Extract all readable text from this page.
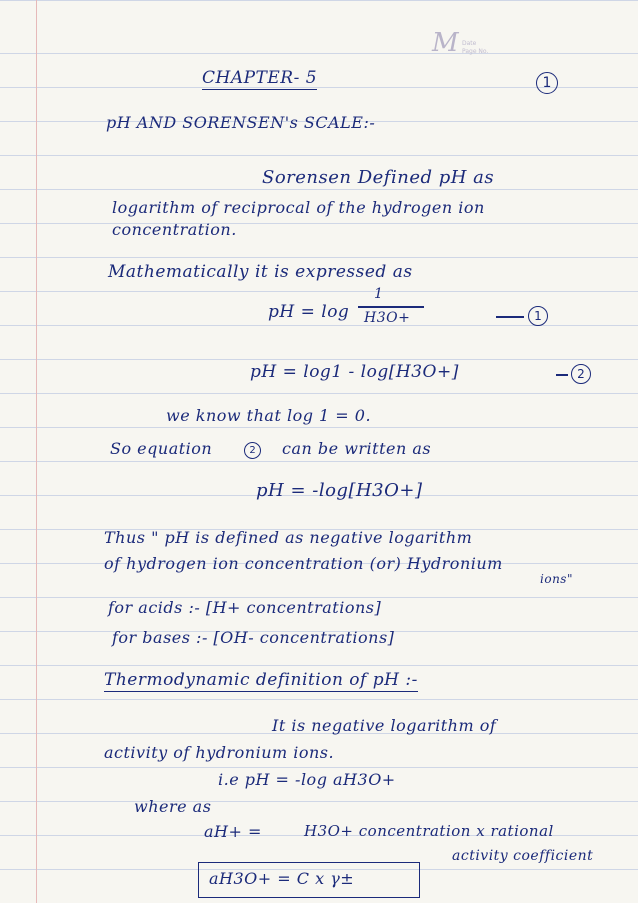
M Date
Page No.
1
CHAPTER- 5
pH AND SORENSEN's SCALE:-
Sorensen Defined pH as
logarithm of reciprocal of the hydrogen ion
concentration.
Mathematically it is expressed as
pH = log
1
H3O+	1
pH = log1 - log[H3O+]	2
we know that log 1 = 0.
So equation	2 can be written as
pH = -log[H3O+]
Thus " pH is defined as negative logarithm
of hydrogen ion concentration (or) Hydronium
ions"
for acids :- [H+ concentrations]
for bases :- [OH- concentrations]
Thermodynamic definition of pH :-
It is negative logarithm of
activity of hydronium ions.
i.e pH = -log aH3O+
where as
aH+ =	H3O+ concentration x rational
activity coefficient
aH3O+ = C x γ±
